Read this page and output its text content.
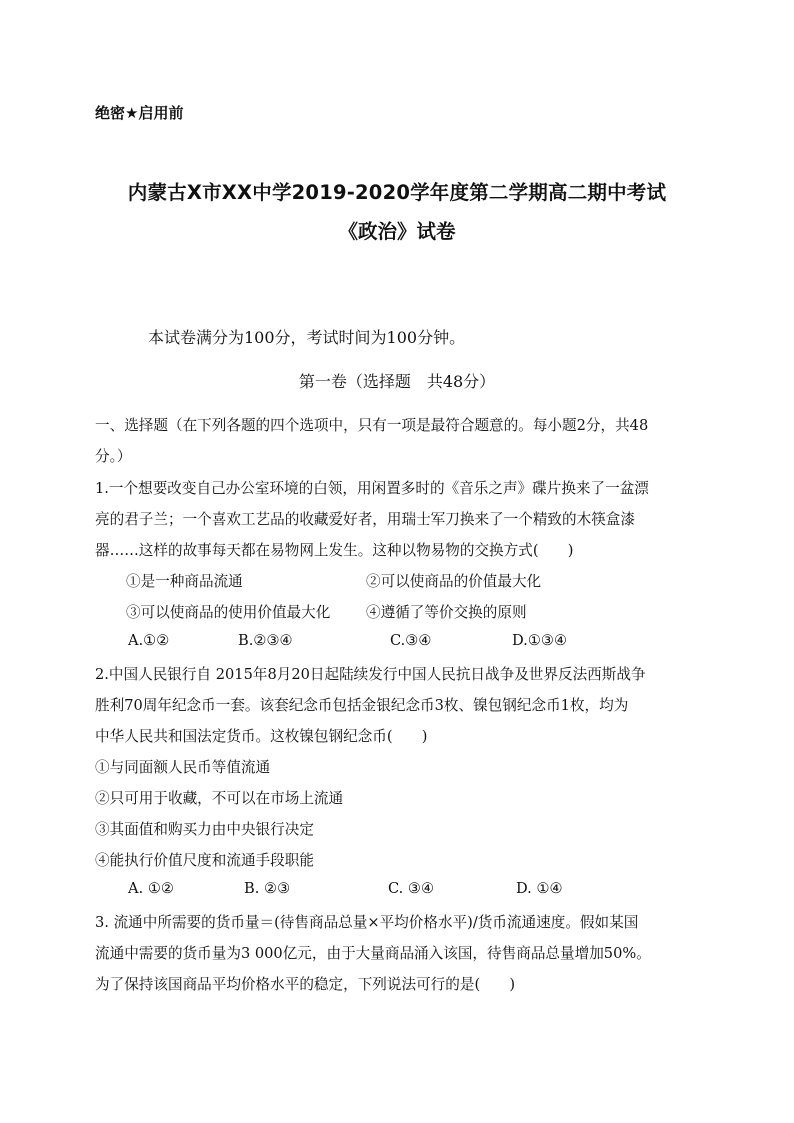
绝密★启用前
内蒙古X市XX中学2019-2020学年度第二学期高二期中考试
《政治》试卷
本试卷满分为100分，考试时间为100分钟。
第一卷（选择题　共48分）
一、选择题（在下列各题的四个选项中，只有一项是最符合题意的。每小题2分，共48
分。）
1.一个想要改变自己办公室环境的白领，用闲置多时的《音乐之声》碟片换来了一盆漂
亮的君子兰；一个喜欢工艺品的收藏爱好者，用瑞士军刀换来了一个精致的木筷盒漆
器……这样的故事每天都在易物网上发生。这种以物易物的交换方式(　　)
①是一种商品流通	②可以使商品的价值最大化
③可以使商品的使用价值最大化 ④遵循了等价交换的原则
A.①②	B.②③④	C.③④	D.①③④
2.中国人民银行自 2015年8月20日起陆续发行中国人民抗日战争及世界反法西斯战争
胜利70周年纪念币一套。该套纪念币包括金银纪念币3枚、镍包钢纪念币1枚，均为
中华人民共和国法定货币。这枚镍包钢纪念币(　　)
①与同面额人民币等值流通
②只可用于收藏，不可以在市场上流通
③其面值和购买力由中央银行决定
④能执行价值尺度和流通手段职能
A. ①②	B. ②③	C. ③④	D. ①④
3. 流通中所需要的货币量＝(待售商品总量×平均价格水平)/货币流通速度。假如某国
流通中需要的货币量为3 000亿元，由于大量商品涌入该国，待售商品总量增加50%。
为了保持该国商品平均价格水平的稳定，下列说法可行的是(　　)
